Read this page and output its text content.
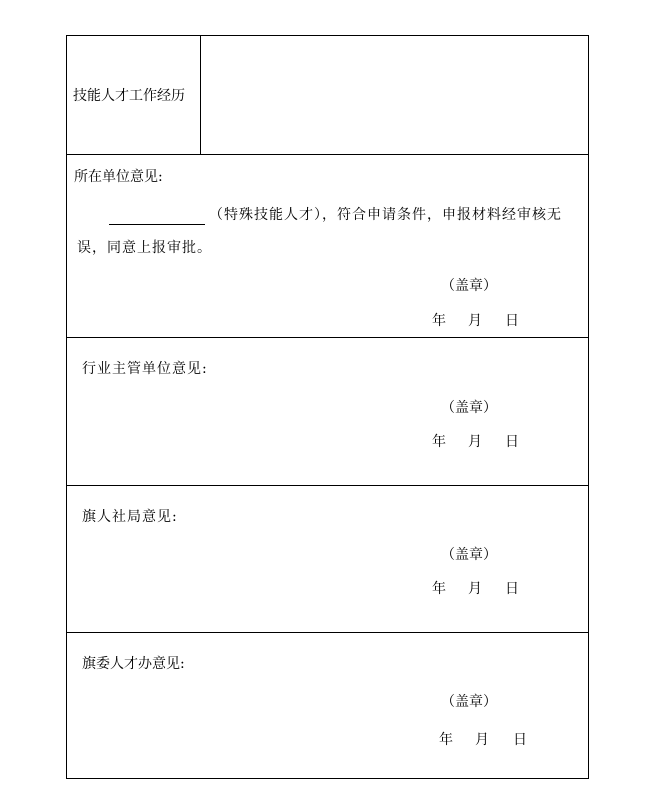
技能人才工作经历
所在单位意见:
（特殊技能人才），符合申请条件，申报材料经审核无
误，同意上报审批。
（盖章）
年 月 日
行业主管单位意见:
（盖章）
年 月 日
旗人社局意见:
（盖章）
年 月 日
旗委人才办意见:
（盖章）
年 月 日
